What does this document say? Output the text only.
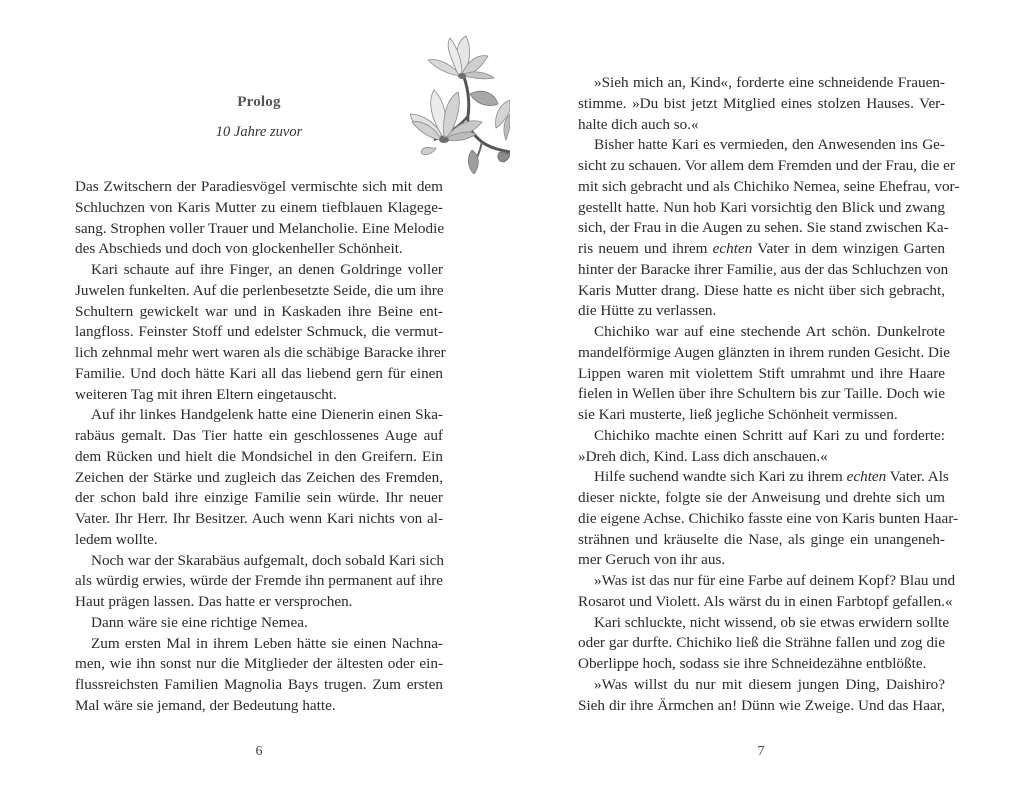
Prolog
10 Jahre zuvor
Das Zwitschern der Paradiesvögel vermischte sich mit dem
Schluchzen von Karis Mutter zu einem tiefblauen Klagege-
sang. Strophen voller Trauer und Melancholie. Eine Melodie
des Abschieds und doch von glockenheller Schönheit.
Kari schaute auf ihre Finger, an denen Goldringe voller
Juwelen funkelten. Auf die perlenbesetzte Seide, die um ihre
Schultern gewickelt war und in Kaskaden ihre Beine ent-
langfloss. Feinster Stoff und edelster Schmuck, die vermut-
lich zehnmal mehr wert waren als die schäbige Baracke ihrer
Familie. Und doch hätte Kari all das liebend gern für einen
weiteren Tag mit ihren Eltern eingetauscht.
Auf ihr linkes Handgelenk hatte eine Dienerin einen Ska-
rabäus gemalt. Das Tier hatte ein geschlossenes Auge auf
dem Rücken und hielt die Mondsichel in den Greifern. Ein
Zeichen der Stärke und zugleich das Zeichen des Fremden,
der schon bald ihre einzige Familie sein würde. Ihr neuer
Vater. Ihr Herr. Ihr Besitzer. Auch wenn Kari nichts von al-
ledem wollte.
Noch war der Skarabäus aufgemalt, doch sobald Kari sich
als würdig erwies, würde der Fremde ihn permanent auf ihre
Haut prägen lassen. Das hatte er versprochen.
Dann wäre sie eine richtige Nemea.
Zum ersten Mal in ihrem Leben hätte sie einen Nachna-
men, wie ihn sonst nur die Mitglieder der ältesten oder ein-
flussreichsten Familien Magnolia Bays trugen. Zum ersten
Mal wäre sie jemand, der Bedeutung hatte.
6
»Sieh mich an, Kind«, forderte eine schneidende Frauen-
stimme. »Du bist jetzt Mitglied eines stolzen Hauses. Ver-
halte dich auch so.«
Bisher hatte Kari es vermieden, den Anwesenden ins Ge-
sicht zu schauen. Vor allem dem Fremden und der Frau, die er
mit sich gebracht und als Chichiko Nemea, seine Ehefrau, vor-
gestellt hatte. Nun hob Kari vorsichtig den Blick und zwang
sich, der Frau in die Augen zu sehen. Sie stand zwischen Ka-
ris neuem und ihrem echten Vater in dem winzigen Garten
hinter der Baracke ihrer Familie, aus der das Schluchzen von
Karis Mutter drang. Diese hatte es nicht über sich gebracht,
die Hütte zu verlassen.
Chichiko war auf eine stechende Art schön. Dunkelrote
mandelförmige Augen glänzten in ihrem runden Gesicht. Die
Lippen waren mit violettem Stift umrahmt und ihre Haare
fielen in Wellen über ihre Schultern bis zur Taille. Doch wie
sie Kari musterte, ließ jegliche Schönheit vermissen.
Chichiko machte einen Schritt auf Kari zu und forderte:
»Dreh dich, Kind. Lass dich anschauen.«
Hilfe suchend wandte sich Kari zu ihrem echten Vater. Als
dieser nickte, folgte sie der Anweisung und drehte sich um
die eigene Achse. Chichiko fasste eine von Karis bunten Haar-
strähnen und kräuselte die Nase, als ginge ein unangeneh-
mer Geruch von ihr aus.
»Was ist das nur für eine Farbe auf deinem Kopf? Blau und
Rosarot und Violett. Als wärst du in einen Farbtopf gefallen.«
Kari schluckte, nicht wissend, ob sie etwas erwidern sollte
oder gar durfte. Chichiko ließ die Strähne fallen und zog die
Oberlippe hoch, sodass sie ihre Schneidezähne entblößte.
»Was willst du nur mit diesem jungen Ding, Daishiro?
Sieh dir ihre Ärmchen an! Dünn wie Zweige. Und das Haar,
7
